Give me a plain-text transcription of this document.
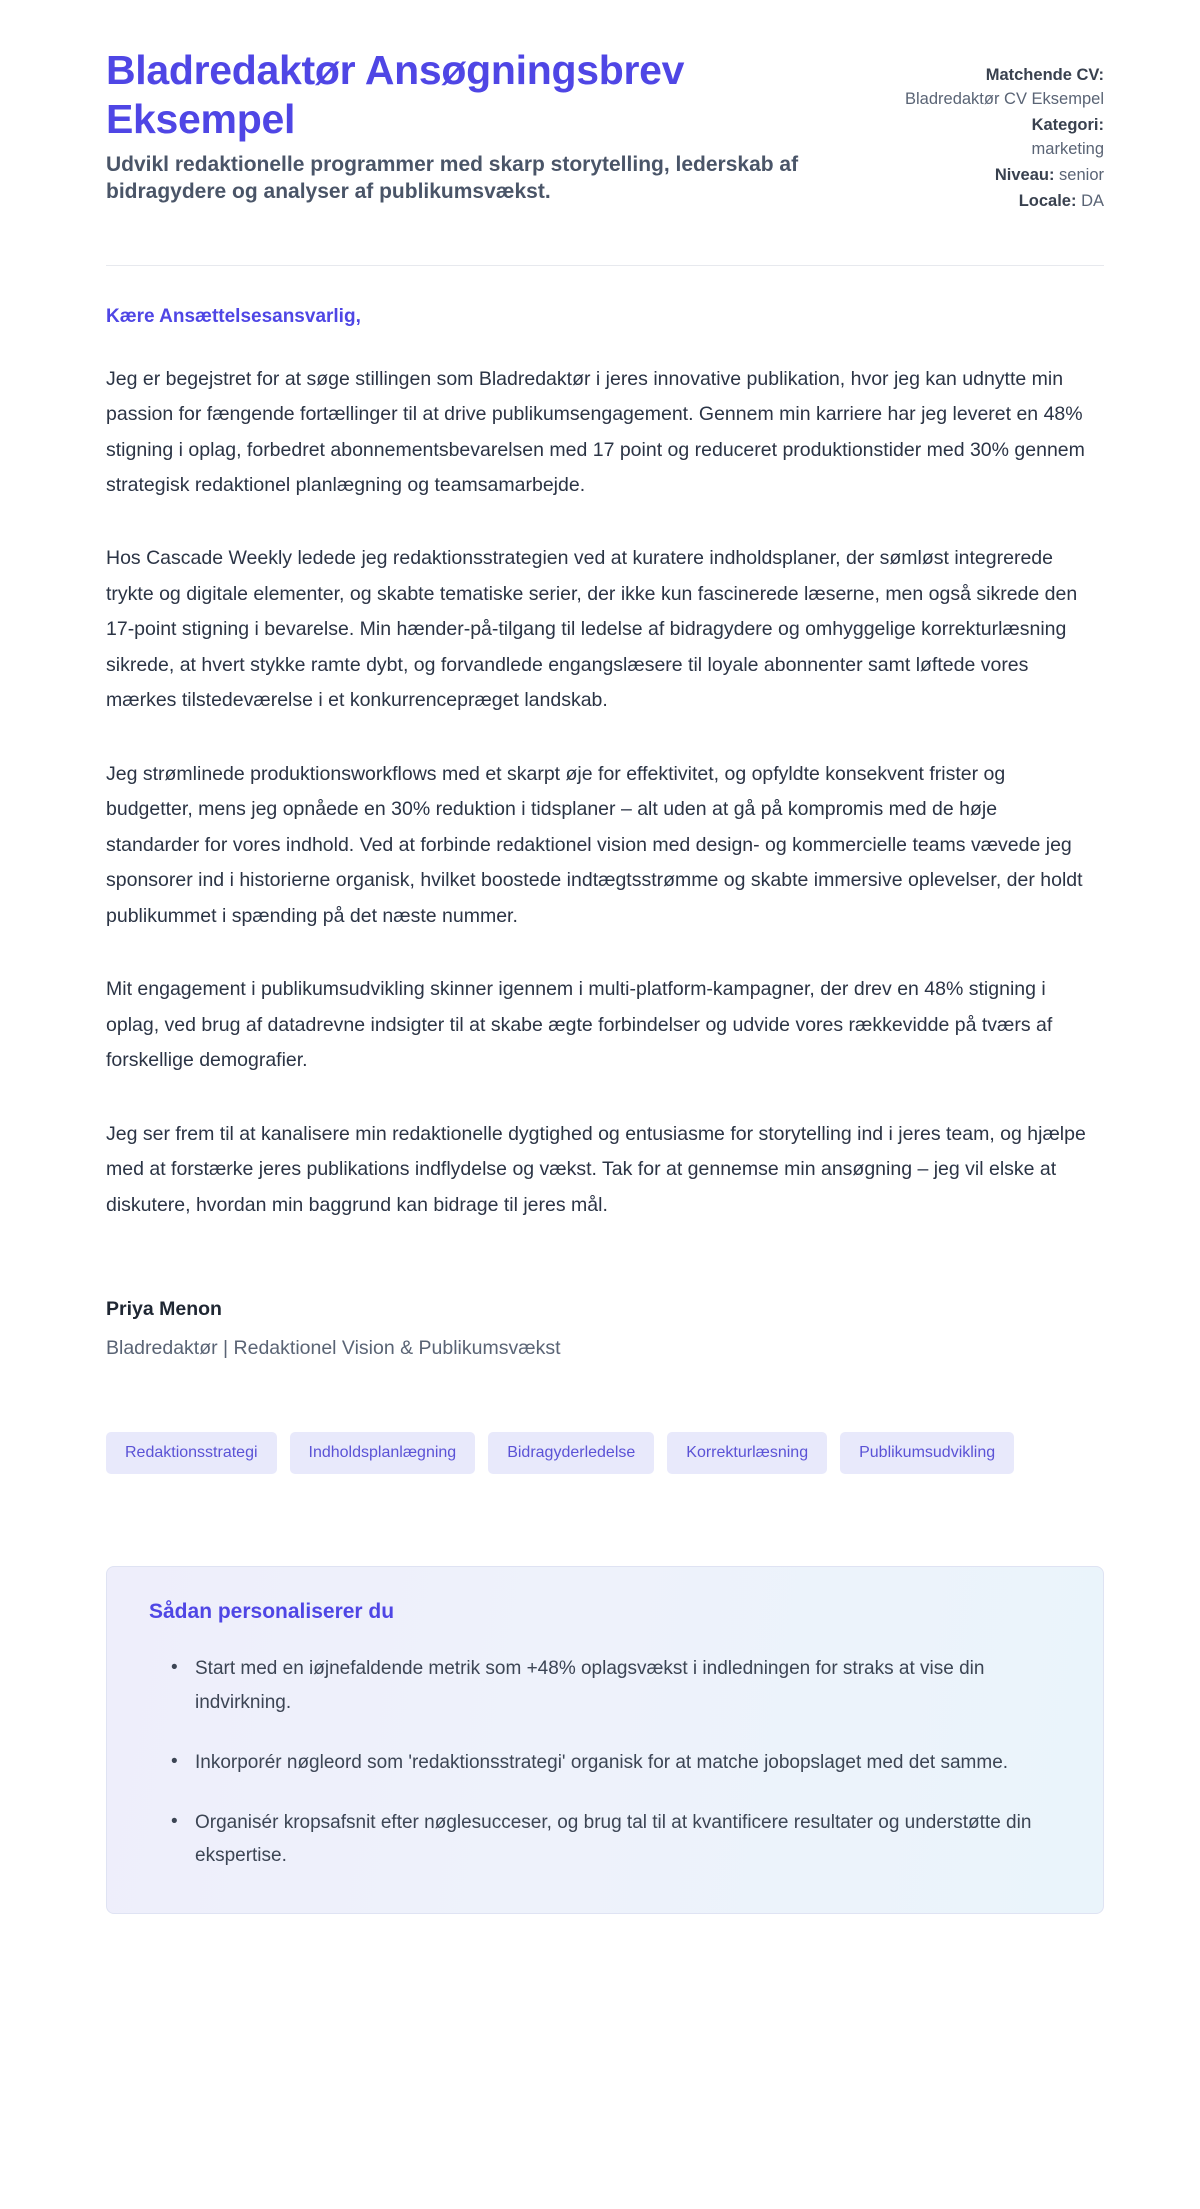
Bladredaktør Ansøgningsbrev Eksempel

Udvikl redaktionelle programmer med skarp storytelling, lederskab af bidragydere og analyser af publikumsvækst.

Matchende CV:
Bladredaktør CV Eksempel
Kategori:
marketing
Niveau: senior
Locale: DA

Kære Ansættelsesansvarlig,

Jeg er begejstret for at søge stillingen som Bladredaktør i jeres innovative publikation, hvor jeg kan udnytte min passion for fængende fortællinger til at drive publikumsengagement. Gennem min karriere har jeg leveret en 48% stigning i oplag, forbedret abonnementsbevarelsen med 17 point og reduceret produktionstider med 30% gennem strategisk redaktionel planlægning og teamsamarbejde.

Hos Cascade Weekly ledede jeg redaktionsstrategien ved at kuratere indholdsplaner, der sømløst integrerede trykte og digitale elementer, og skabte tematiske serier, der ikke kun fascinerede læserne, men også sikrede den 17-point stigning i bevarelse. Min hænder-på-tilgang til ledelse af bidragydere og omhyggelige korrekturlæsning sikrede, at hvert stykke ramte dybt, og forvandlede engangslæsere til loyale abonnenter samt løftede vores mærkes tilstedeværelse i et konkurrencepræget landskab.

Jeg strømlinede produktionsworkflows med et skarpt øje for effektivitet, og opfyldte konsekvent frister og budgetter, mens jeg opnåede en 30% reduktion i tidsplaner – alt uden at gå på kompromis med de høje standarder for vores indhold. Ved at forbinde redaktionel vision med design- og kommercielle teams vævede jeg sponsorer ind i historierne organisk, hvilket boostede indtægtsstrømme og skabte immersive oplevelser, der holdt publikummet i spænding på det næste nummer.

Mit engagement i publikumsudvikling skinner igennem i multi-platform-kampagner, der drev en 48% stigning i oplag, ved brug af datadrevne indsigter til at skabe ægte forbindelser og udvide vores rækkevidde på tværs af forskellige demografier.

Jeg ser frem til at kanalisere min redaktionelle dygtighed og entusiasme for storytelling ind i jeres team, og hjælpe med at forstærke jeres publikations indflydelse og vækst. Tak for at gennemse min ansøgning – jeg vil elske at diskutere, hvordan min baggrund kan bidrage til jeres mål.

Priya Menon

Bladredaktør | Redaktionel Vision & Publikumsvækst

Redaktionsstrategi	Indholdsplanlægning	Bidragyderledelse	Korrekturlæsning	Publikumsudvikling
Sådan personaliserer du
• Start med en iøjnefaldende metrik som +48% oplagsvækst i indledningen for straks at vise din indvirkning.
• Inkorporér nøgleord som 'redaktionsstrategi' organisk for at matche jobopslaget med det samme.
• Organisér kropsafsnit efter nøglesucceser, og brug tal til at kvantificere resultater og understøtte din ekspertise.
